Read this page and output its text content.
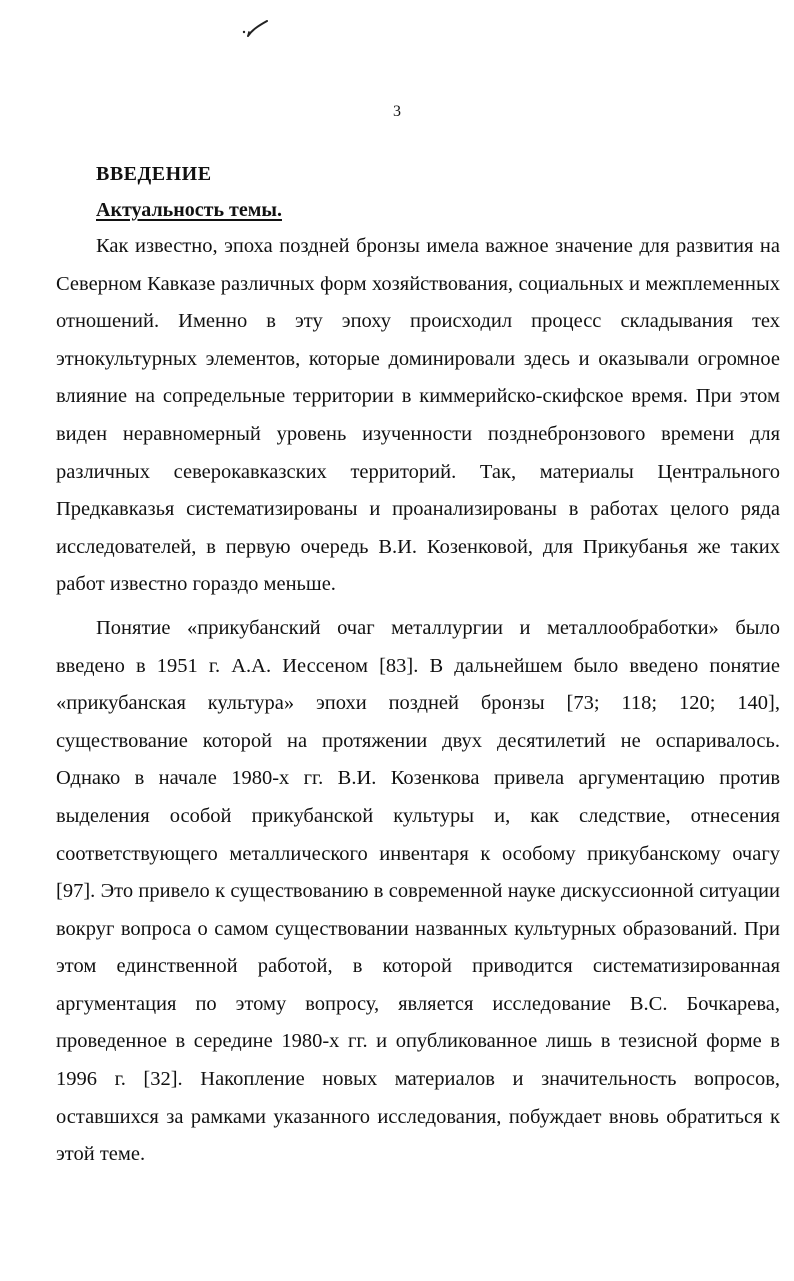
3
ВВЕДЕНИЕ
Актуальность темы.

Как известно, эпоха поздней бронзы имела важное значение для развития на Северном Кавказе различных форм хозяйствования, социальных и межплеменных отношений. Именно в эту эпоху происходил процесс складывания тех этнокультурных элементов, которые доминировали здесь и оказывали огромное влияние на сопредельные территории в киммерийско-скифское время. При этом виден неравномерный уровень изученности позднебронзового времени для различных северокавказских территорий. Так, материалы Центрального Предкавказья систематизированы и проанализированы в работах целого ряда исследователей, в первую очередь В.И. Козенковой, для Прикубанья же таких работ известно гораздо меньше.

Понятие «прикубанский очаг металлургии и металлообработки» было введено в 1951 г. А.А. Иессеном [83]. В дальнейшем было введено понятие «прикубанская культура» эпохи поздней бронзы [73; 118; 120; 140], существование которой на протяжении двух десятилетий не оспаривалось. Однако в начале 1980-х гг. В.И. Козенкова привела аргументацию против выделения особой прикубанской культуры и, как следствие, отнесения соответствующего металлического инвентаря к особому прикубанскому очагу [97]. Это привело к существованию в современной науке дискуссионной ситуации вокруг вопроса о самом существовании названных культурных образований. При этом единственной работой, в которой приводится систематизированная аргументация по этому вопросу, является исследование В.С. Бочкарева, проведенное в середине 1980-х гг. и опубликованное лишь в тезисной форме в 1996 г. [32]. Накопление новых материалов и значительность вопросов, оставшихся за рамками указанного исследования, побуждает вновь обратиться к этой теме.
